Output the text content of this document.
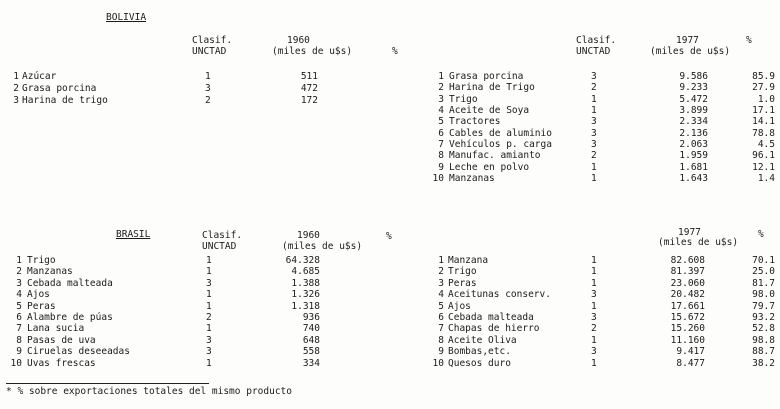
BOLIVIA
Clasif.
UNCTAD
1960
(miles de u$s)	%
Clasif.
UNCTAD
1977
(miles de u$s)
%
1 Azúcar	1	511
2 Grasa porcina	3	472
3 Harina de trigo	2	172
1 Grasa porcina	3	9.586	85.9
2 Harina de Trigo	2	9.233	27.9
3 Trigo	1	5.472	1.0
4 Aceite de Soya	1	3.899	17.1
5 Tractores	3	2.334	14.1
6 Cables de aluminio	3	2.136	78.8
7 Vehículos p. carga	3	2.063	4.5
8 Manufac. amianto	2	1.959	96.1
9 Leche en polvo	1	1.681	12.1
10 Manzanas	1	1.643	1.4
BRASIL	Clasif.
UNCTAD
1960
(miles de u$s)
%	1977
(miles de u$s)
%
1 Trigo	1	64.328
2 Manzanas	1	4.685
3 Cebada malteada	3	1.388
4 Ajos	1	1.326
5 Peras	1	1.318
6 Alambre de púas	2	936
7 Lana sucia	1	740
8 Pasas de uva	3	648
9 Ciruelas deseeadas	3	558
10 Uvas frescas	1	334
1 Manzana	1	82.608	70.1
2 Trigo	1	81.397	25.0
3 Peras	1	23.060	81.7
4 Aceitunas conserv.	3	20.482	98.0
5 Ajos	1	17.661	79.7
6 Cebada malteada	3	15.672	93.2
7 Chapas de hierro	2	15.260	52.8
8 Aceite Oliva	1	11.160	98.8
9 Bombas,etc.	3	9.417	88.7
10 Quesos duro	1	8.477	38.2
* % sobre exportaciones totales del mismo producto
